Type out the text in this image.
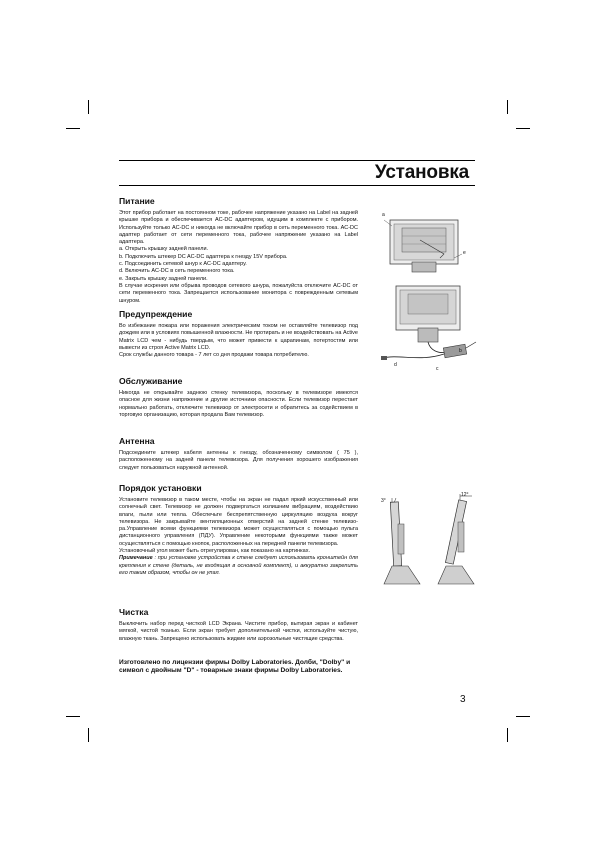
Установка
Питание

Этот прибор работает на постоянном токе, рабочее напряжение указано на Label на задней крышке прибора и обеспечивается AC-DC адаптером, идущим в комплекте с прибором. Используйте только AC-DC и никогда не включайте прибор в сеть переменного тока. AC-DC адаптер работает от сети переменного тока, рабочее напряжение указано на Label адаптера.

a. Открыть крышку задней панели.

b. Подключить штекер DC AC-DC адаптера к гнезду 15V прибора.

c. Подсоединить сетевой шнур к AC-DC адаптеру.

d. Включить AC-DC в сеть переменного тока.

e. Закрыть крышку задней панели.

В случае искрения или обрыва проводов сетевого шнура, пожалуйста отключите AC-DC от сети переменного тока. Запрещается использование монитора с поврежденным сетевым шнуром.

Предупреждение

Во избежание пожара или поражения электрическим током не оставляйте телевизор под дождем или в условиях повышенной влажности. Не протирать и не воздействовать на Active Matrix LCD чем - нибудь твердым, что может привести к царапинам, потертостям или вывести из строя Active Matrix LCD.

Срок службы данного товара - 7 лет со дня продажи товара потребителю.

Обслуживание

Никогда не открывайте заднюю стенку телевизора, поскольку в телевизоре имеются опасное для жизни напряжение и другие источники опасности. Если телевизор перестает нормально работать, отключите телевизор от электросети и обратитесь за содействием в торговую организацию, которая продала Вам телевизор.

Антенна

Подсоедините штекер кабеля антенны к гнезду, обозначенному символом ( 75 ), расположенному на задней панели телевизора. Для получения хорошего изображения следует пользоваться наружной антенной.

Порядок установки

Установите телевизор в таком месте, чтобы на экран не падал яркий искусственный или солнечный свет. Телевизор не должен подвергаться излишним вибрациям, воздействию влаги, пыли или тепла. Обеспечьте беспрепятственную циркуляцию воздуха вокруг телевизора. Не закрывайте вентиляционных отверстий на задней стенке телевизо-ра.Управление всеми функциями телевизора может осуществляться с помощью пульта дистанционного управления (ПДУ). Управление некоторыми функциями также может осуществляться с помощью кнопок, расположенных на передней панели телевизора.

Установочный угол может быть отрегулирован, как показано на картинках.

Примечание : при установке устройства к стене следует использовать кронштейн для крепления к стене (деталь, не входящая в основной комплект), и аккуратно закрепить его таким образом, чтобы он не упал.

Чистка

Выключить набор перед чисткой LCD Экрана. Чистите прибор, вытирая экран и кабинет мягкой, чистой тканью. Если экран требует дополнительной чистки, используйте чистую, влажную ткань. Запрещено использовать жидкие или аэрозольные чистящие средства.

Изготовлено по лицензии фирмы Dolby Laboratories. Долби, "Dolby" и символ с двойным "D" - товарные знаки фирмы Dolby Laboratories.

a
e
b
c
d
3°
12°
3
